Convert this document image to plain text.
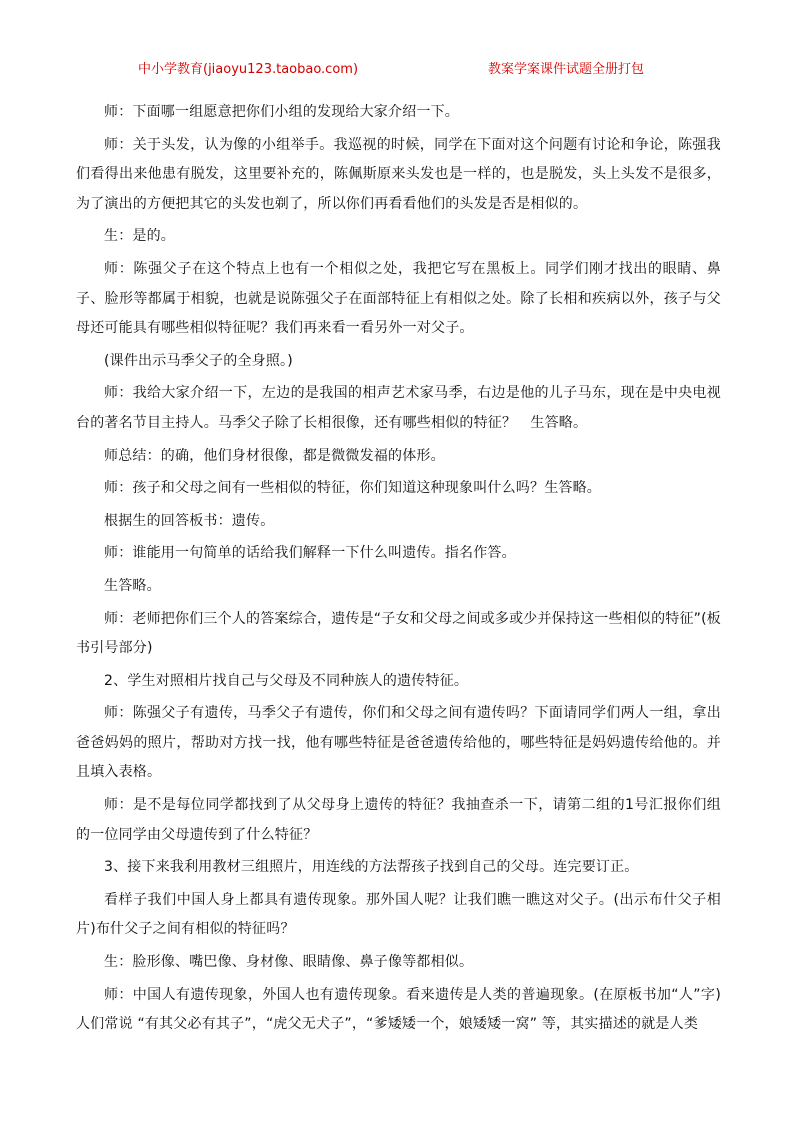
中小学教育(jiaoyu123.taobao.com)	教案学案课件试题全册打包

师：下面哪一组愿意把你们小组的发现给大家介绍一下。

师：关于头发，认为像的小组举手。我巡视的时候，同学在下面对这个问题有讨论和争论，陈强我们看得出来他患有脱发，这里要补充的，陈佩斯原来头发也是一样的，也是脱发，头上头发不是很多，为了演出的方便把其它的头发也剃了，所以你们再看看他们的头发是否是相似的。

生：是的。

师：陈强父子在这个特点上也有一个相似之处，我把它写在黑板上。同学们刚才找出的眼睛、鼻子、脸形等都属于相貌，也就是说陈强父子在面部特征上有相似之处。除了长相和疾病以外，孩子与父母还可能具有哪些相似特征呢？我们再来看一看另外一对父子。

(课件出示马季父子的全身照。)

师：我给大家介绍一下，左边的是我国的相声艺术家马季，右边是他的儿子马东，现在是中央电视台的著名节目主持人。马季父子除了长相很像，还有哪些相似的特征？　生答略。

师总结：的确，他们身材很像，都是微微发福的体形。

师：孩子和父母之间有一些相似的特征，你们知道这种现象叫什么吗？生答略。

根据生的回答板书：遗传。

师：谁能用一句简单的话给我们解释一下什么叫遗传。指名作答。

生答略。

师：老师把你们三个人的答案综合，遗传是“子女和父母之间或多或少并保持这一些相似的特征”(板书引号部分)

2、学生对照相片找自己与父母及不同种族人的遗传特征。

师：陈强父子有遗传，马季父子有遗传，你们和父母之间有遗传吗？下面请同学们两人一组，拿出爸爸妈妈的照片，帮助对方找一找，他有哪些特征是爸爸遗传给他的，哪些特征是妈妈遗传给他的。并且填入表格。

师：是不是每位同学都找到了从父母身上遗传的特征？我抽查杀一下，请第二组的1号汇报你们组的一位同学由父母遗传到了什么特征？

3、接下来我利用教材三组照片，用连线的方法帮孩子找到自己的父母。连完要订正。

看样子我们中国人身上都具有遗传现象。那外国人呢？让我们瞧一瞧这对父子。(出示布什父子相片)布什父子之间有相似的特征吗？

生：脸形像、嘴巴像、身材像、眼睛像、鼻子像等都相似。

师：中国人有遗传现象，外国人也有遗传现象。看来遗传是人类的普遍现象。(在原板书加“人”字)人们常说 “有其父必有其子”，“虎父无犬子”，“爹矮矮一个，娘矮矮一窝” 等，其实描述的就是人类
